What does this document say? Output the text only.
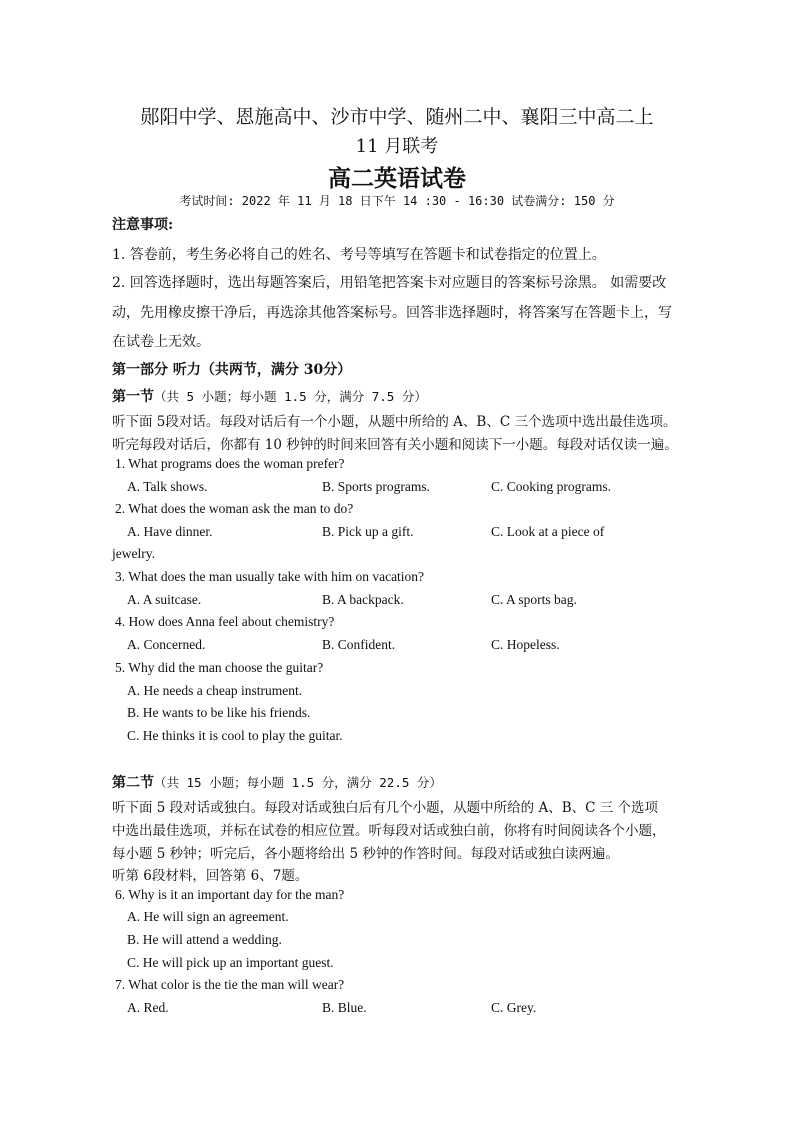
郧阳中学、恩施高中、沙市中学、随州二中、襄阳三中高二上
11 月联考
高二英语试卷
考试时间: 2022 年 11 月 18 日下午 14 :30 - 16:30 试卷满分: 150 分
注意事项:
1. 答卷前，考生务必将自己的姓名、考号等填写在答题卡和试卷指定的位置上。
2. 回答选择题时，选出每题答案后，用铅笔把答案卡对应题目的答案标号涂黑。 如需要改
动，先用橡皮擦干净后，再选涂其他答案标号。回答非选择题时，将答案写在答题卡上，写
在试卷上无效。
第一部分 听力（共两节，满分 30分）
第一节（共 5 小题；每小题 1.5 分，满分 7.5 分）
听下面 5段对话。每段对话后有一个小题，从题中所给的 A、B、C 三个选项中选出最佳选项。
听完每段对话后，你都有 10 秒钟的时间来回答有关小题和阅读下一小题。每段对话仅读一遍。
1. What programs does the woman prefer?
A. Talk shows.	B. Sports programs.	C. Cooking programs.
2. What does the woman ask the man to do?
A. Have dinner.	B. Pick up a gift.	C. Look at a piece of
jewelry.
3. What does the man usually take with him on vacation?
A. A suitcase.	B. A backpack.	C. A sports bag.
4. How does Anna feel about chemistry?
A. Concerned.	B. Confident.	C. Hopeless.
5. Why did the man choose the guitar?
A. He needs a cheap instrument.
B. He wants to be like his friends.
C. He thinks it is cool to play the guitar.
第二节（共 15 小题；每小题 1.5 分，满分 22.5 分）
听下面 5 段对话或独白。每段对话或独白后有几个小题，从题中所给的 A、B、C 三 个选项
中选出最佳选项，并标在试卷的相应位置。听每段对话或独白前，你将有时间阅读各个小题，
每小题 5 秒钟；听完后，各小题将给出 5 秒钟的作答时间。每段对话或独白读两遍。
听第 6段材料，回答第 6、7题。
6. Why is it an important day for the man?
A. He will sign an agreement.
B. He will attend a wedding.
C. He will pick up an important guest.
7. What color is the tie the man will wear?
A. Red.	B. Blue.	C. Grey.
